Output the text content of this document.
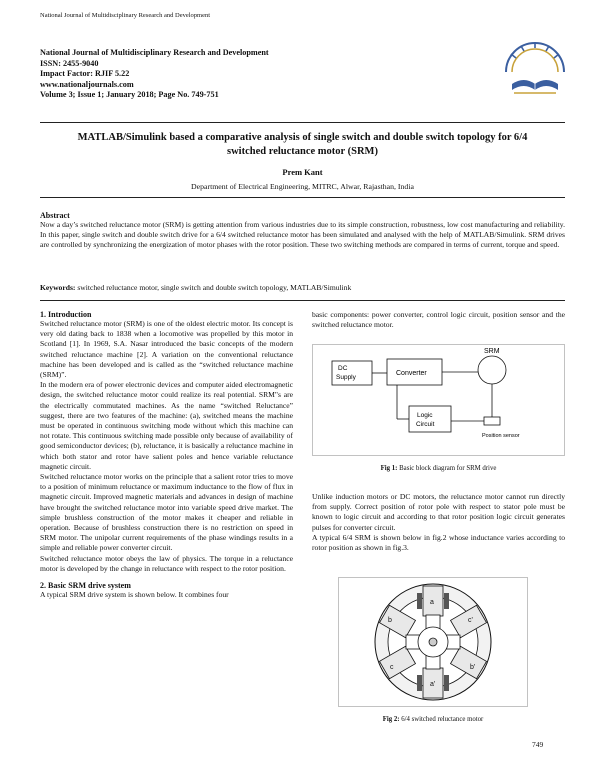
National Journal of Multidisciplinary Research and Development
National Journal of Multidisciplinary Research and Development
ISSN: 2455-9040
Impact Factor: RJIF 5.22
www.nationaljournals.com
Volume 3; Issue 1; January 2018; Page No. 749-751
MATLAB/Simulink based a comparative analysis of single switch and double switch topology for 6/4
switched reluctance motor (SRM)
Prem Kant
Department of Electrical Engineering, MITRC, Alwar, Rajasthan, India
Abstract
Now a day’s switched reluctance motor (SRM) is getting attention from various industries due to its simple construction, robustness, low cost manufacturing and reliability. In this paper, single switch and double switch drive for a 6/4 switched reluctance motor has been simulated and analysed with the help of MATLAB/Simulink. SRM drives are controlled by synchronizing the energization of motor phases with the rotor position. These two switching methods are compared in terms of current, torque and speed.
Keywords: switched reluctance motor, single switch and double switch topology, MATLAB/Simulink
1. Introduction

Switched reluctance motor (SRM) is one of the oldest electric motor. Its concept is very old dating back to 1838 when a locomotive was propelled by this motor in Scotland [1]. In 1969, S.A. Nasar introduced the basic concepts of the modern switched reluctance machine [2]. A variation on the conventional reluctance machine has been developed and is called as the “switched reluctance machine (SRM)”.

In the modern era of power electronic devices and computer aided electromagnetic design, the switched reluctance motor could realize its real potential. SRM"s are the electrically commutated machines. As the name “switched Reluctance” suggest, there are two features of the machine: (a), switched means the machine must be operated in continuous switching mode without which this machine can not rotate. This continuous switching made possible only because of availability of good semiconductor devices; (b), reluctance, it is basically a reluctance machine in which both stator and rotor have salient poles and hence variable reluctance magnetic circuit.

Switched reluctance motor works on the principle that a salient rotor tries to move to a position of minimum reluctance or maximum inductance to the flow of flux in magnetic circuit. Improved magnetic materials and advances in design of machine have brought the switched reluctance motor into variable speed drive market. The simple brushless construction of the motor makes it cheaper and reliable in operation. Because of brushless construction there is no restriction on speed in SRM motor. The unipolar current requirements of the phase windings results in a simple and reliable power converter circuit.

Switched reluctance motor obeys the law of physics. The torque in a reluctance motor is developed by the change in reluctance with respect to the rotor position.

2. Basic SRM drive system

A typical SRM drive system is shown below. It combines four

basic components: power converter, control logic circuit, position sensor and the switched reluctance motor.

DC
Supply
Converter
SRM
Logic
Circuit
Position sensor
Fig 1: Basic block diagram for SRM drive

Unlike induction motors or DC motors, the reluctance motor cannot run directly from supply. Correct position of rotor pole with respect to stator pole must be known to logic circuit and according to that rotor position logic circuit generates pulses for converter circuit.

A typical 6/4 SRM is shown below in fig.2 whose inductance varies according to rotor position as shown in fig.3.

a
a'
b
b'
c
c'
Fig 2: 6/4 switched reluctance motor
749
